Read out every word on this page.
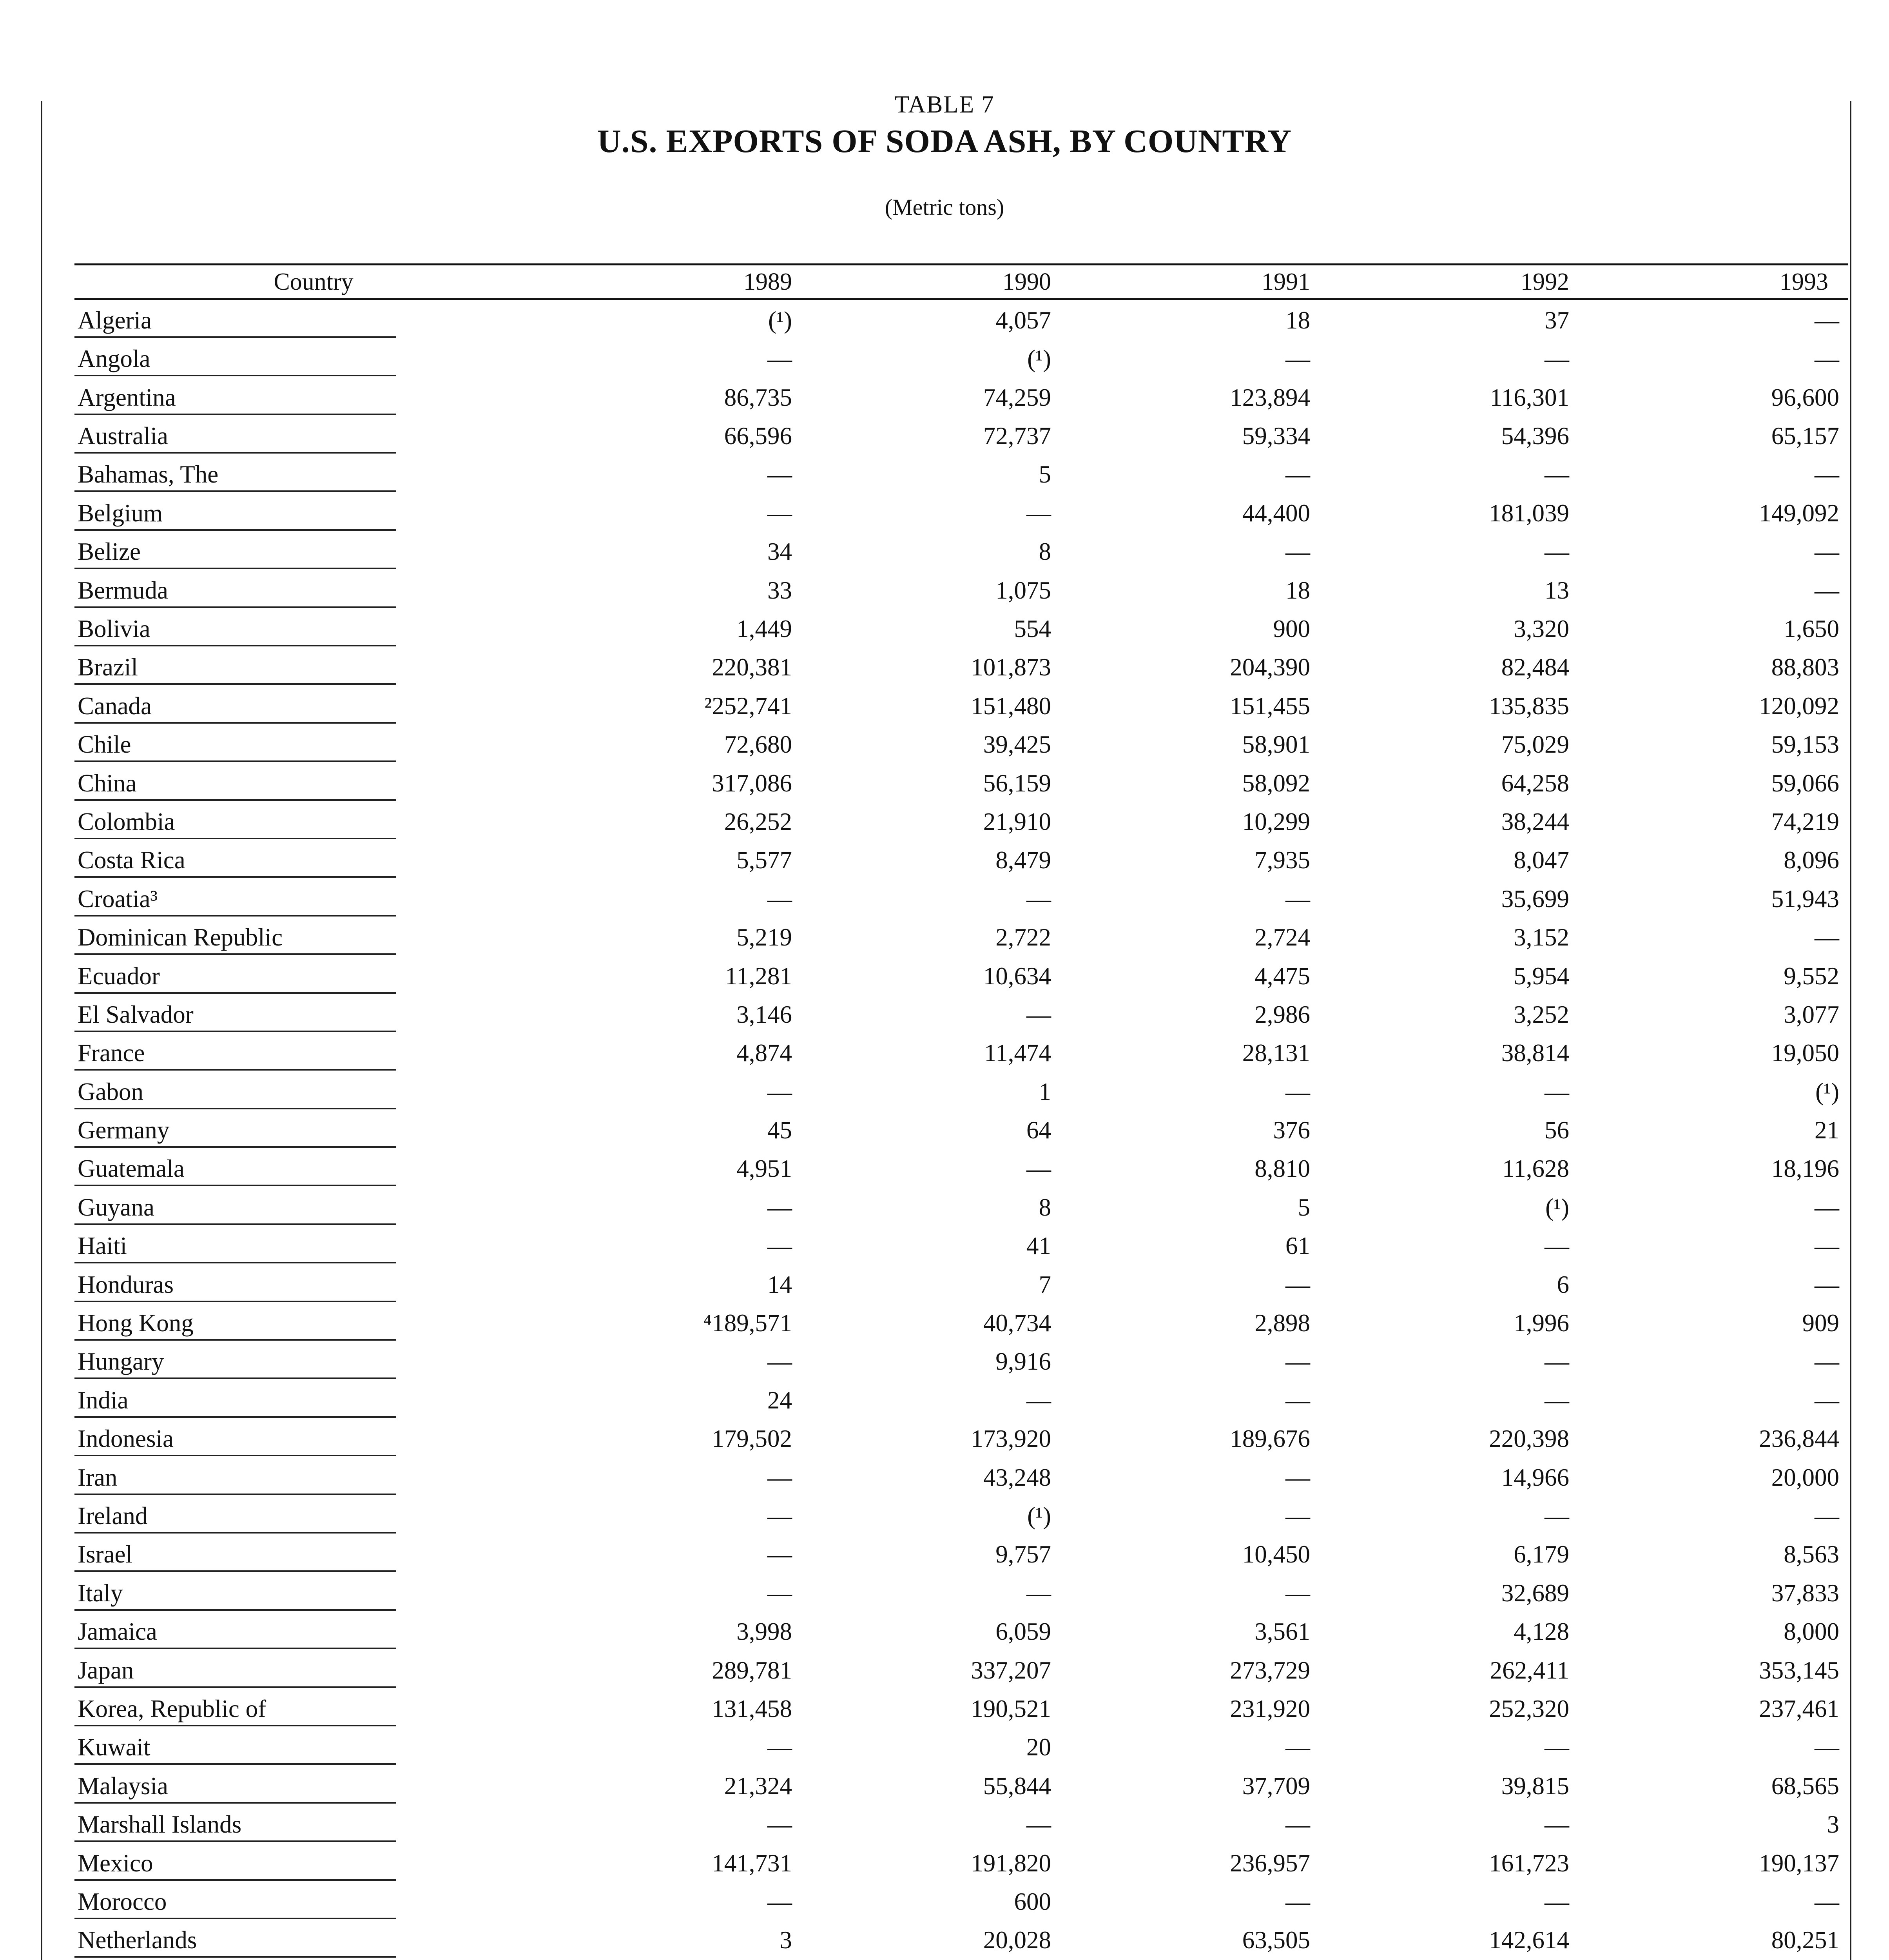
TABLE 7
U.S. EXPORTS OF SODA ASH, BY COUNTRY
(Metric tons)
Country	1989	1990	1991	1992	1993
Algeria	(¹)	4,057	18	37	—
Angola	—	(¹)	—	—	—
Argentina	86,735	74,259	123,894	116,301	96,600
Australia	66,596	72,737	59,334	54,396	65,157
Bahamas, The	—	5	—	—	—
Belgium	—	—	44,400	181,039	149,092
Belize	34	8	—	—	—
Bermuda	33	1,075	18	13	—
Bolivia	1,449	554	900	3,320	1,650
Brazil	220,381	101,873	204,390	82,484	88,803
Canada	²252,741	151,480	151,455	135,835	120,092
Chile	72,680	39,425	58,901	75,029	59,153
China	317,086	56,159	58,092	64,258	59,066
Colombia	26,252	21,910	10,299	38,244	74,219
Costa Rica	5,577	8,479	7,935	8,047	8,096
Croatia³	—	—	—	35,699	51,943
Dominican Republic	5,219	2,722	2,724	3,152	—
Ecuador	11,281	10,634	4,475	5,954	9,552
El Salvador	3,146	—	2,986	3,252	3,077
France	4,874	11,474	28,131	38,814	19,050
Gabon	—	1	—	—	(¹)
Germany	45	64	376	56	21
Guatemala	4,951	—	8,810	11,628	18,196
Guyana	—	8	5	(¹)	—
Haiti	—	41	61	—	—
Honduras	14	7	—	6	—
Hong Kong	⁴189,571	40,734	2,898	1,996	909
Hungary	—	9,916	—	—	—
India	24	—	—	—	—
Indonesia	179,502	173,920	189,676	220,398	236,844
Iran	—	43,248	—	14,966	20,000
Ireland	—	(¹)	—	—	—
Israel	—	9,757	10,450	6,179	8,563
Italy	—	—	—	32,689	37,833
Jamaica	3,998	6,059	3,561	4,128	8,000
Japan	289,781	337,207	273,729	262,411	353,145
Korea, Republic of	131,458	190,521	231,920	252,320	237,461
Kuwait	—	20	—	—	—
Malaysia	21,324	55,844	37,709	39,815	68,565
Marshall Islands	—	—	—	—	3
Mexico	141,731	191,820	236,957	161,723	190,137
Morocco	—	600	—	—	—
Netherlands	3	20,028	63,505	142,614	80,251
